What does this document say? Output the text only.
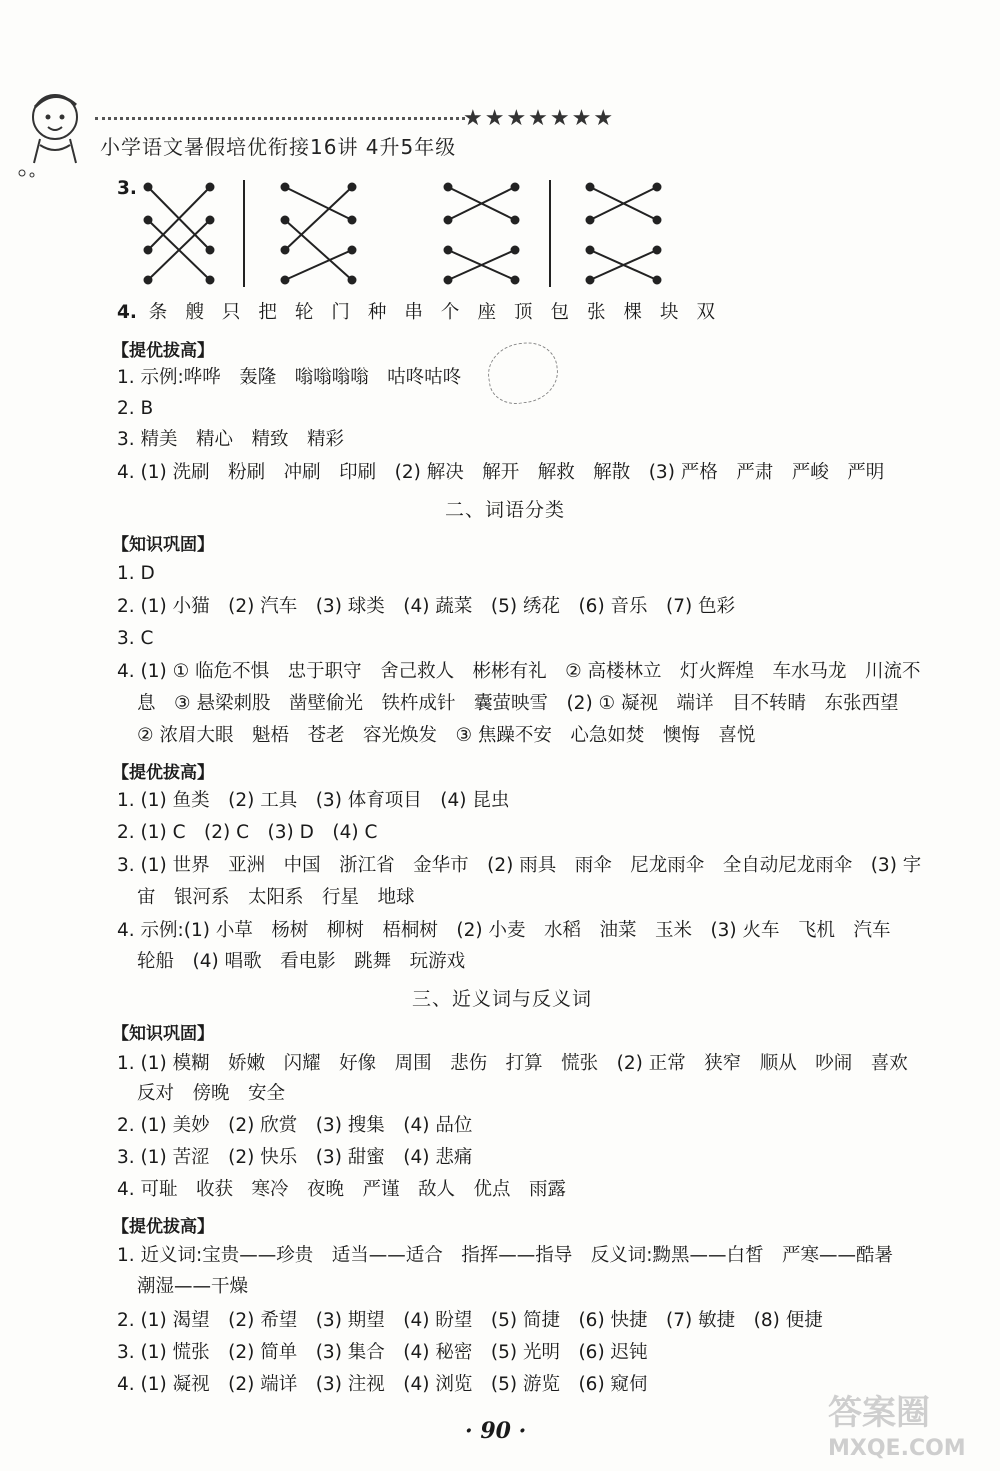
★★★★★★★
小学语文暑假培优衔接16讲 4升5年级
3.
4. 条 艘 只 把 轮 门 种 串 个 座 顶 包 张 棵 块 双
【提优拔高】
1. 示例:哗哗　轰隆　嗡嗡嗡嗡　咕咚咕咚
2. B
3. 精美　精心　精致　精彩
4. (1) 洗刷　粉刷　冲刷　印刷　(2) 解决　解开　解救　解散　(3) 严格　严肃　严峻　严明
二、词语分类
【知识巩固】
1. D
2. (1) 小猫　(2) 汽车　(3) 球类　(4) 蔬菜　(5) 绣花　(6) 音乐　(7) 色彩
3. C
4. (1) ① 临危不惧　忠于职守　舍己救人　彬彬有礼　② 高楼林立　灯火辉煌　车水马龙　川流不
息　③ 悬梁刺股　凿壁偷光　铁杵成针　囊萤映雪　(2) ① 凝视　端详　目不转睛　东张西望
② 浓眉大眼　魁梧　苍老　容光焕发　③ 焦躁不安　心急如焚　懊悔　喜悦
【提优拔高】
1. (1) 鱼类　(2) 工具　(3) 体育项目　(4) 昆虫
2. (1) C　(2) C　(3) D　(4) C
3. (1) 世界　亚洲　中国　浙江省　金华市　(2) 雨具　雨伞　尼龙雨伞　全自动尼龙雨伞　(3) 宇
宙　银河系　太阳系　行星　地球
4. 示例:(1) 小草　杨树　柳树　梧桐树　(2) 小麦　水稻　油菜　玉米　(3) 火车　飞机　汽车
轮船　(4) 唱歌　看电影　跳舞　玩游戏
三、近义词与反义词
【知识巩固】
1. (1) 模糊　娇嫩　闪耀　好像　周围　悲伤　打算　慌张　(2) 正常　狭窄　顺从　吵闹　喜欢
反对　傍晚　安全
2. (1) 美妙　(2) 欣赏　(3) 搜集　(4) 品位
3. (1) 苦涩　(2) 快乐　(3) 甜蜜　(4) 悲痛
4. 可耻　收获　寒冷　夜晚　严谨　敌人　优点　雨露
【提优拔高】
1. 近义词:宝贵——珍贵　适当——适合　指挥——指导　反义词:黝黑——白皙　严寒——酷暑
潮湿——干燥
2. (1) 渴望　(2) 希望　(3) 期望　(4) 盼望　(5) 简捷　(6) 快捷　(7) 敏捷　(8) 便捷
3. (1) 慌张　(2) 简单　(3) 集合　(4) 秘密　(5) 光明　(6) 迟钝
4. (1) 凝视　(2) 端详　(3) 注视　(4) 浏览　(5) 游览　(6) 窥伺
· 90 ·	答案圈
MXQE.COM
